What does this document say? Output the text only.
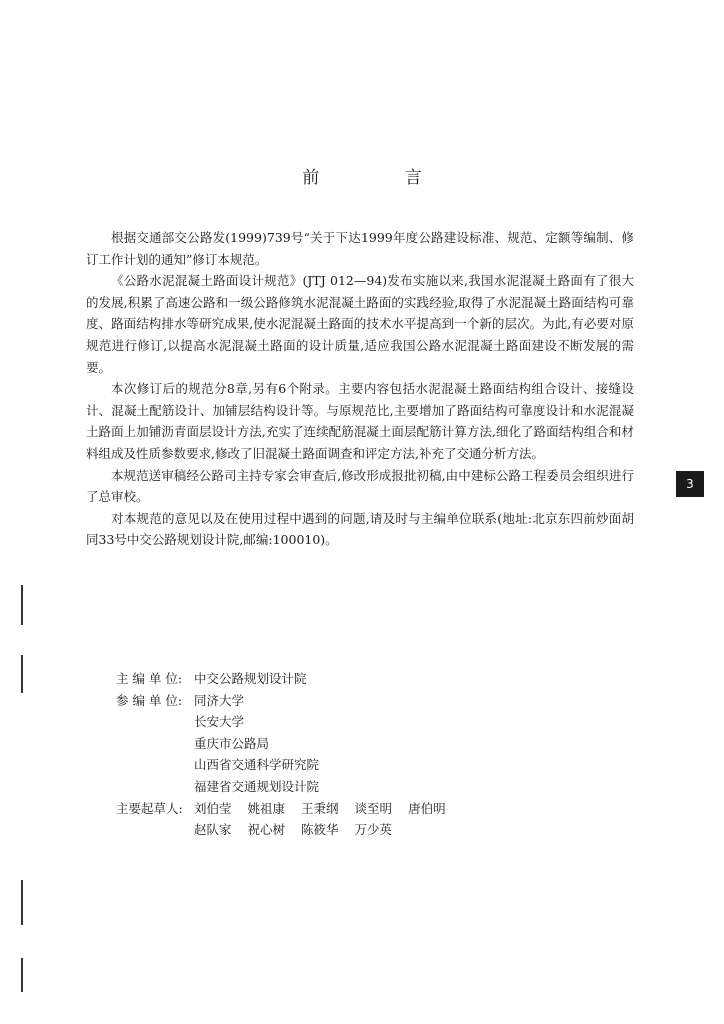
前 言

根据交通部交公路发(1999)739号“关于下达1999年度公路建设标准、规范、定额等编制、修订工作计划的通知”修订本规范。

《公路水泥混凝土路面设计规范》(JTJ 012—94)发布实施以来,我国水泥混凝土路面有了很大的发展,积累了高速公路和一级公路修筑水泥混凝土路面的实践经验,取得了水泥混凝土路面结构可靠度、路面结构排水等研究成果,使水泥混凝土路面的技术水平提高到一个新的层次。为此,有必要对原规范进行修订,以提高水泥混凝土路面的设计质量,适应我国公路水泥混凝土路面建设不断发展的需要。

本次修订后的规范分8章,另有6个附录。主要内容包括水泥混凝土路面结构组合设计、接缝设计、混凝土配筋设计、加铺层结构设计等。与原规范比,主要增加了路面结构可靠度设计和水泥混凝土路面上加铺沥青面层设计方法,充实了连续配筋混凝土面层配筋计算方法,细化了路面结构组合和材料组成及性质参数要求,修改了旧混凝土路面调查和评定方法,补充了交通分析方法。

本规范送审稿经公路司主持专家会审查后,修改形成报批初稿,由中建标公路工程委员会组织进行了总审校。

对本规范的意见以及在使用过程中遇到的问题,请及时与主编单位联系(地址:北京东四前炒面胡同33号中交公路规划设计院,邮编:100010)。

主 编 单 位: 中交公路规划设计院
参 编 单 位: 同济大学
长安大学
重庆市公路局
山西省交通科学研究院
福建省交通规划设计院
主要起草人: 刘伯莹 姚祖康 王秉纲 谈至明 唐伯明
赵队家 祝心树 陈筱华 万少英
3
